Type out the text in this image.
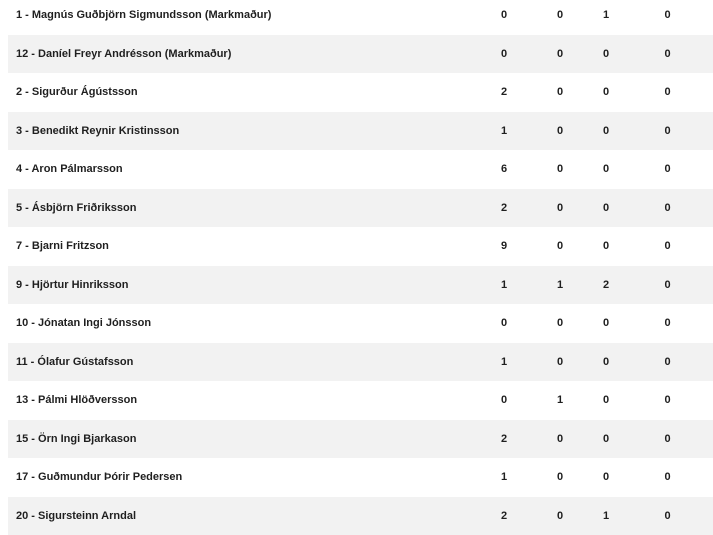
1 - Magnús Guðbjörn Sigmundsson (Markmaður)	0	0	1	0
12 - Daníel Freyr Andrésson (Markmaður)	0	0	0	0
2 - Sigurður Ágústsson	2	0	0	0
3 - Benedikt Reynir Kristinsson	1	0	0	0
4 - Aron Pálmarsson	6	0	0	0
5 - Ásbjörn Friðriksson	2	0	0	0
7 - Bjarni Fritzson	9	0	0	0
9 - Hjörtur Hinriksson	1	1	2	0
10 - Jónatan Ingi Jónsson	0	0	0	0
11 - Ólafur Gústafsson	1	0	0	0
13 - Pálmi Hlöðversson	0	1	0	0
15 - Örn Ingi Bjarkason	2	0	0	0
17 - Guðmundur Þórir Pedersen	1	0	0	0
20 - Sigursteinn Arndal	2	0	1	0
